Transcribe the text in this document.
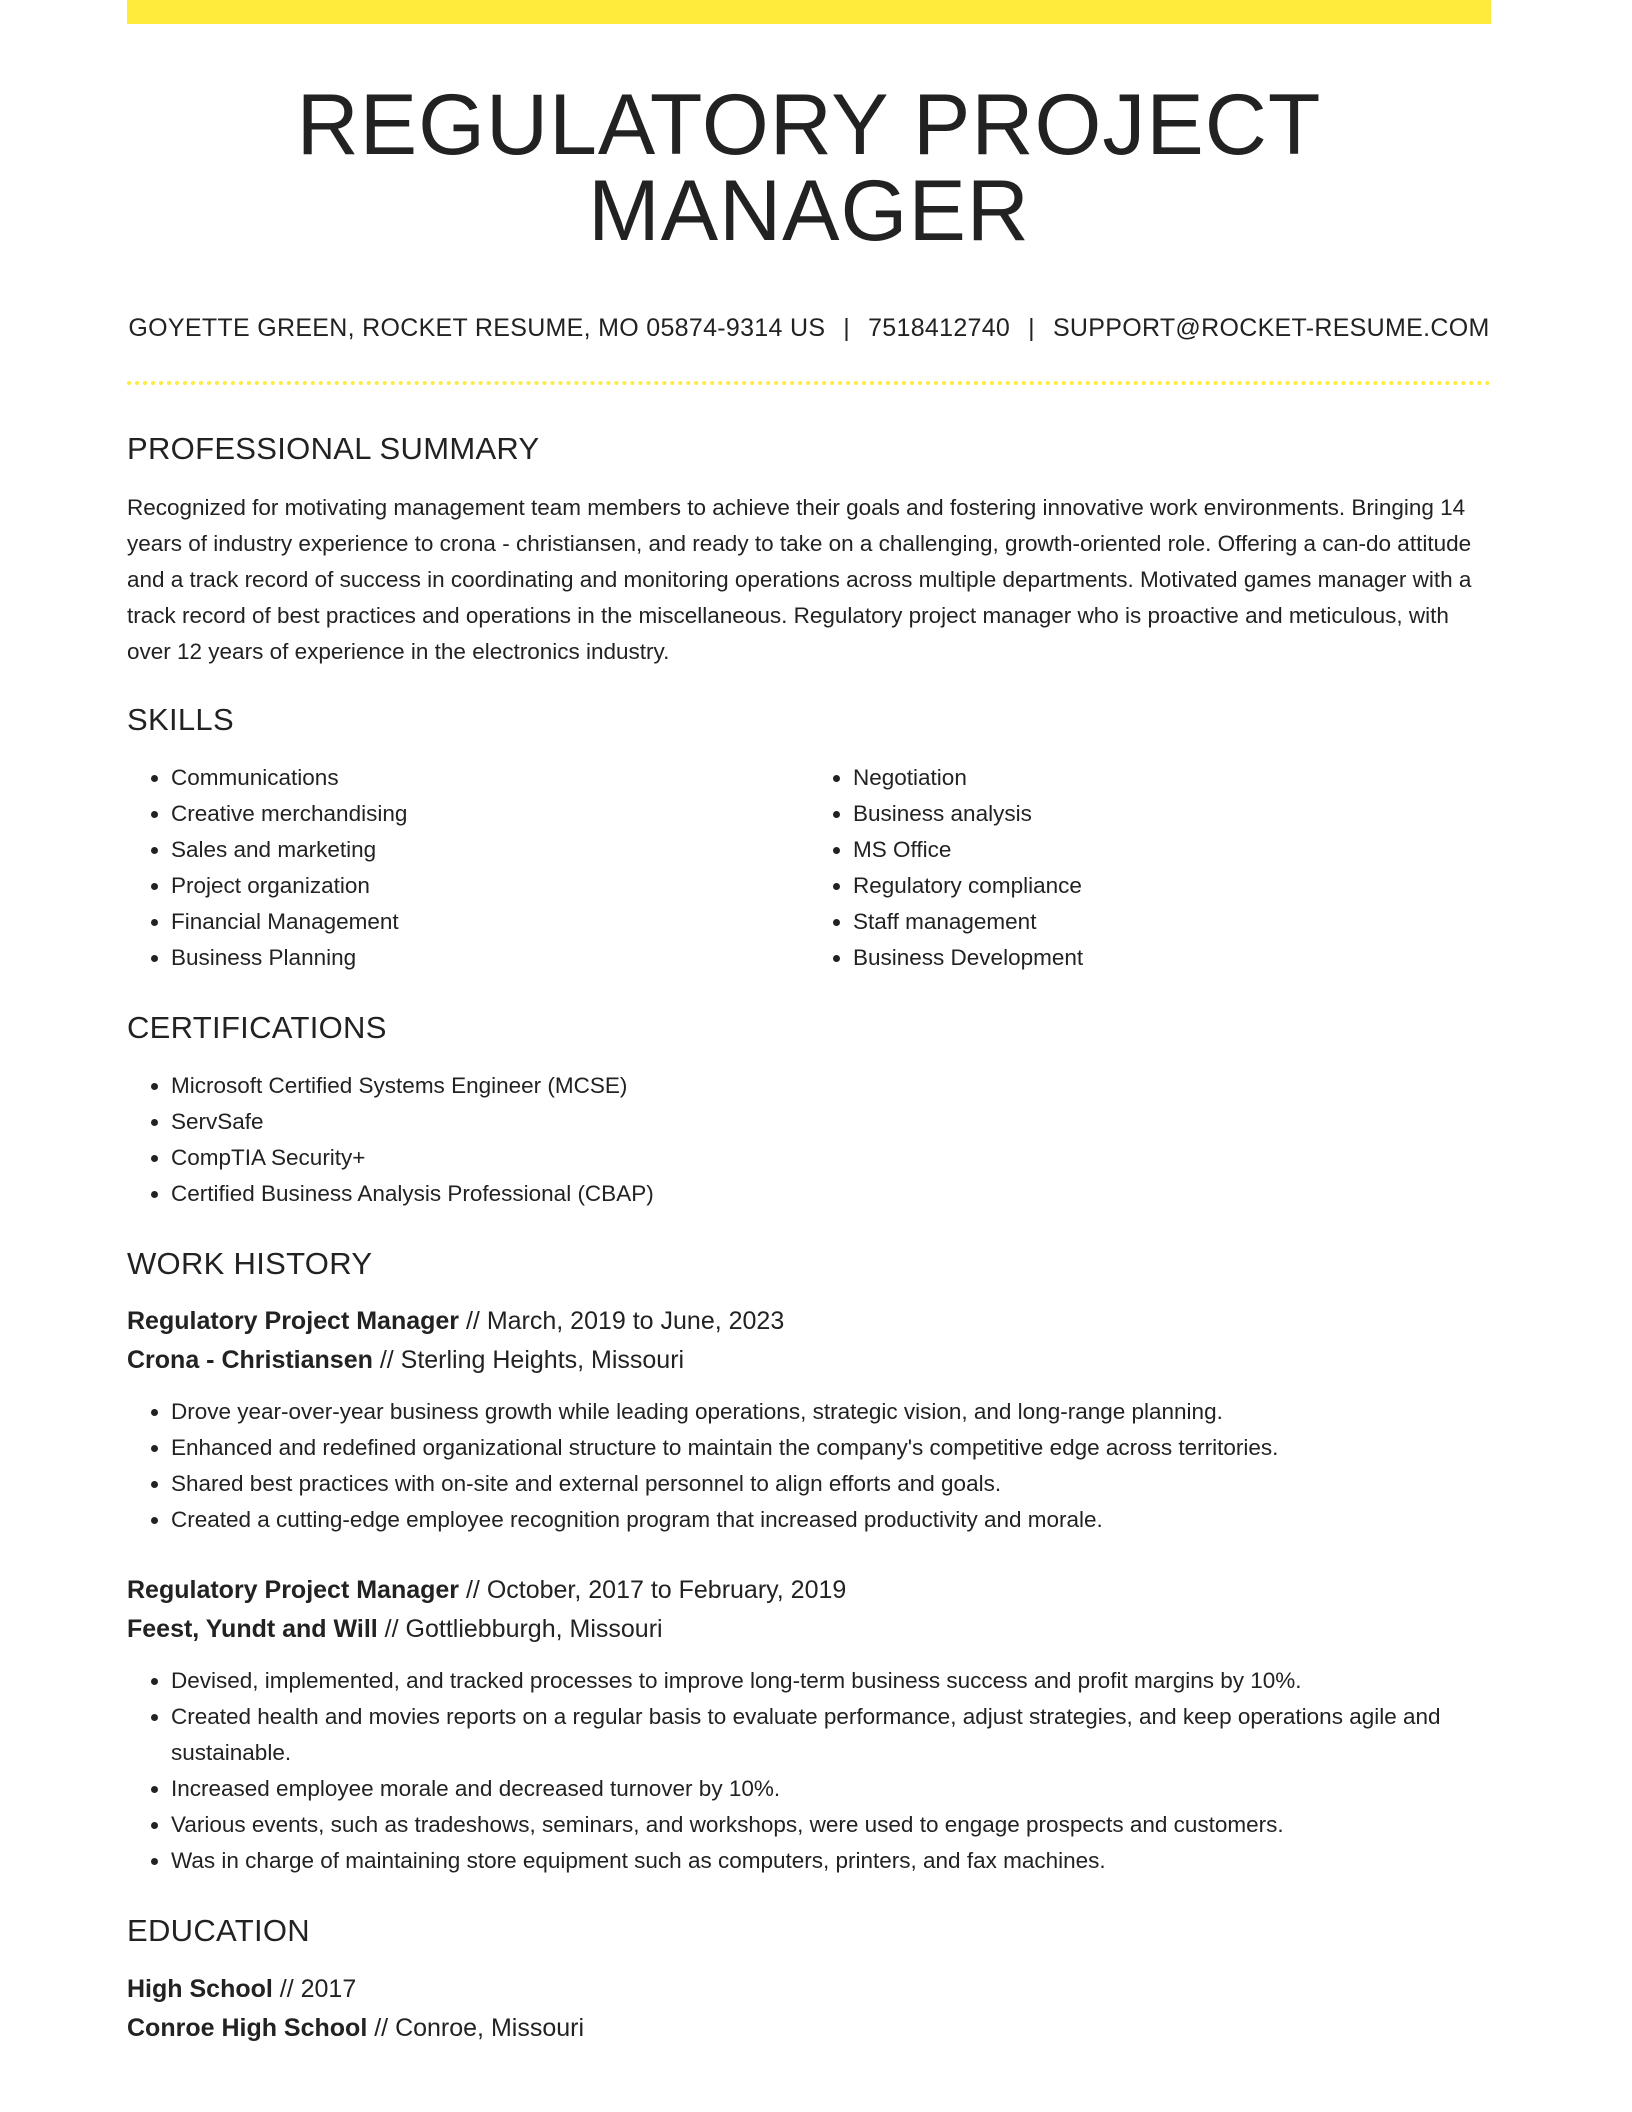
REGULATORY PROJECT MANAGER
GOYETTE GREEN, ROCKET RESUME, MO 05874-9314 US | 7518412740 | SUPPORT@ROCKET-RESUME.COM
PROFESSIONAL SUMMARY
Recognized for motivating management team members to achieve their goals and fostering innovative work environments. Bringing 14 years of industry experience to crona - christiansen, and ready to take on a challenging, growth-oriented role. Offering a can-do attitude and a track record of success in coordinating and monitoring operations across multiple departments. Motivated games manager with a track record of best practices and operations in the miscellaneous. Regulatory project manager who is proactive and meticulous, with over 12 years of experience in the electronics industry.
SKILLS
• Communications
• Creative merchandising
• Sales and marketing
• Project organization
• Financial Management
• Business Planning
• Negotiation
• Business analysis
• MS Office
• Regulatory compliance
• Staff management
• Business Development
CERTIFICATIONS
• Microsoft Certified Systems Engineer (MCSE)
• ServSafe
• CompTIA Security+
• Certified Business Analysis Professional (CBAP)
WORK HISTORY
Regulatory Project Manager // March, 2019 to June, 2023
Crona - Christiansen // Sterling Heights, Missouri
• Drove year-over-year business growth while leading operations, strategic vision, and long-range planning.
• Enhanced and redefined organizational structure to maintain the company's competitive edge across territories.
• Shared best practices with on-site and external personnel to align efforts and goals.
• Created a cutting-edge employee recognition program that increased productivity and morale.
Regulatory Project Manager // October, 2017 to February, 2019
Feest, Yundt and Will // Gottliebburgh, Missouri
• Devised, implemented, and tracked processes to improve long-term business success and profit margins by 10%.
• Created health and movies reports on a regular basis to evaluate performance, adjust strategies, and keep operations agile and sustainable.
• Increased employee morale and decreased turnover by 10%.
• Various events, such as tradeshows, seminars, and workshops, were used to engage prospects and customers.
• Was in charge of maintaining store equipment such as computers, printers, and fax machines.
EDUCATION
High School // 2017
Conroe High School // Conroe, Missouri
